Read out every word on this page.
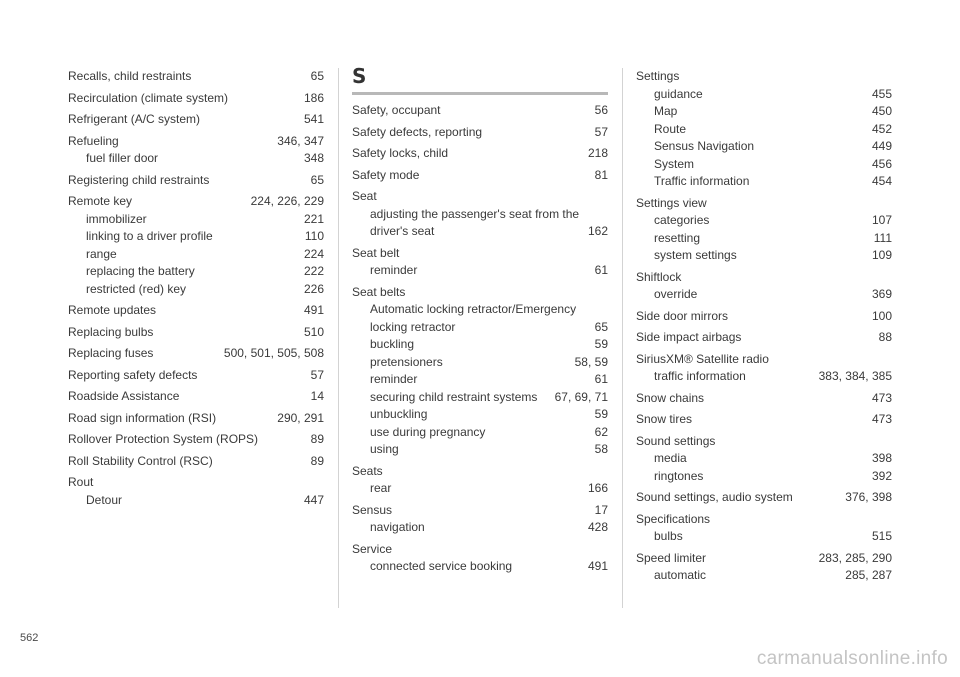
Recalls, child restraints	65
Recirculation (climate system)	186
Refrigerant (A/C system)	541
Refueling	346, 347
fuel filler door	348
Registering child restraints	65
Remote key	224, 226, 229
immobilizer	221
linking to a driver profile	110
range	224
replacing the battery	222
restricted (red) key	226
Remote updates	491
Replacing bulbs	510
Replacing fuses	500, 501, 505, 508
Reporting safety defects	57
Roadside Assistance	14
Road sign information (RSI)	290, 291
Rollover Protection System (ROPS)	89
Roll Stability Control (RSC)	89
Rout
Detour	447
S
Safety, occupant	56
Safety defects, reporting	57
Safety locks, child	218
Safety mode	81
Seat
adjusting the passenger's seat from the
driver's seat	162
Seat belt
reminder	61
Seat belts
Automatic locking retractor/Emergency
locking retractor	65
buckling	59
pretensioners	58, 59
reminder	61
securing child restraint systems	67, 69, 71
unbuckling	59
use during pregnancy	62
using	58
Seats
rear	166
Sensus	17
navigation	428
Service
connected service booking	491
Settings
guidance	455
Map	450
Route	452
Sensus Navigation	449
System	456
Traffic information	454
Settings view
categories	107
resetting	111
system settings	109
Shiftlock
override	369
Side door mirrors	100
Side impact airbags	88
SiriusXM® Satellite radio
traffic information	383, 384, 385
Snow chains	473
Snow tires	473
Sound settings
media	398
ringtones	392
Sound settings, audio system	376, 398
Specifications
bulbs	515
Speed limiter	283, 285, 290
automatic	285, 287
562
carmanualsonline.info
